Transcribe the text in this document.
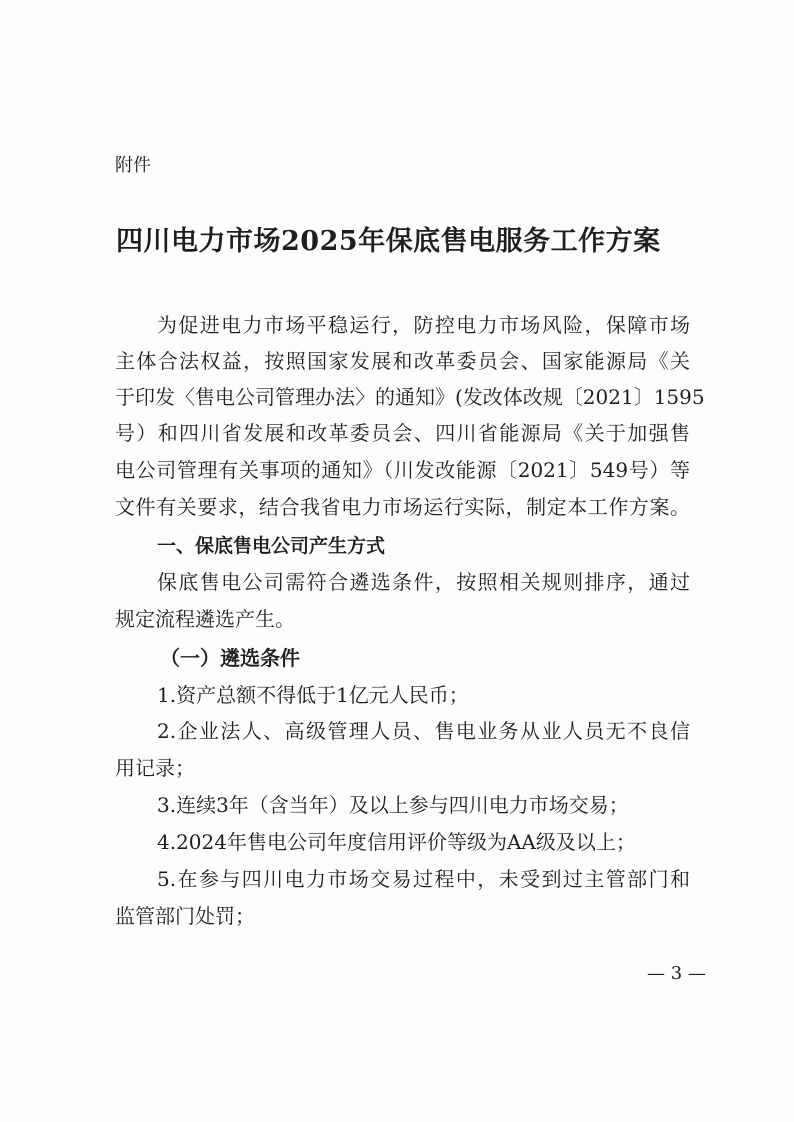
附件
四川电力市场2025年保底售电服务工作方案
为促进电力市场平稳运行，防控电力市场风险，保障市场
主体合法权益，按照国家发展和改革委员会、国家能源局《关
于印发〈售电公司管理办法〉的通知》(发改体改规〔2021〕1595
号）和四川省发展和改革委员会、四川省能源局《关于加强售
电公司管理有关事项的通知》（川发改能源〔2021〕549号）等
文件有关要求，结合我省电力市场运行实际，制定本工作方案。
一、保底售电公司产生方式
保底售电公司需符合遴选条件，按照相关规则排序，通过
规定流程遴选产生。
（一）遴选条件
1.资产总额不得低于1亿元人民币；
2.企业法人、高级管理人员、售电业务从业人员无不良信
用记录；
3.连续3年（含当年）及以上参与四川电力市场交易；
4.2024年售电公司年度信用评价等级为AA级及以上；
5.在参与四川电力市场交易过程中，未受到过主管部门和
监管部门处罚；
— 3 —
